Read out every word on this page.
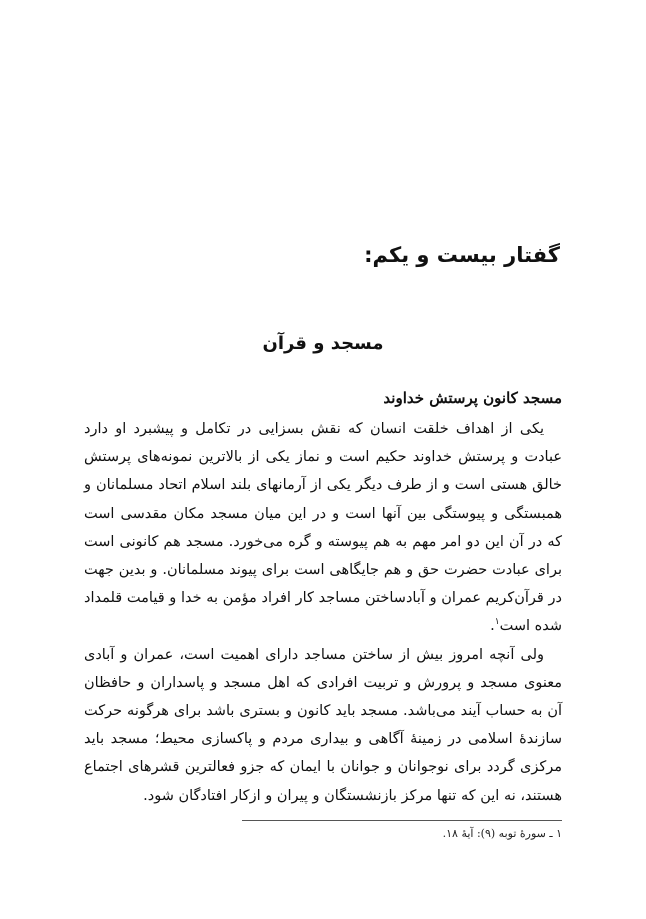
گفتار بیست و یکم:
مسجد و قرآن
مسجد کانون پرستش خداوند

یکی از اهداف خلقت انسان که نقش بسزایی در تکامل و پیشبرد او دارد عبادت و پرستش خداوند حکیم است و نماز یکی از بالاترین نمونه‌های پرستش خالق هستی است و از طرف دیگر یکی از آرمانهای بلند اسلام اتحاد مسلمانان و همبستگی و پیوستگی بین آنها است و در این میان مسجد مکان مقدسی است که در آن این دو امر مهم به هم پیوسته و گره می‌خورد. مسجد هم کانونی است برای عبادت حضرت حق و هم جایگاهی است برای پیوند مسلمانان. و بدین جهت در قرآن‌کریم عمران و آبادساختن مساجد کار افراد مؤمن به خدا و قیامت قلمداد شده است$^۱$.

ولی آنچه امروز بیش از ساختن مساجد دارای اهمیت است، عمران و آبادی معنوی مسجد و پرورش و تربیت افرادی که اهل مسجد و پاسداران و حافظان آن به حساب آیند می‌باشد. مسجد باید کانون و بستری باشد برای هرگونه حرکت سازندهٔ اسلامی در زمینهٔ آگاهی و بیداری مردم و پاکسازی محیط؛ مسجد باید مرکزی گردد برای نوجوانان و جوانان با ایمان که جزو فعالترین قشرهای اجتماع هستند، نه این که تنها مرکز بازنشستگان و پیران و ازکار افتادگان شود.

۱ ـ سورهٔ توبه (۹): آیهٔ ۱۸.
